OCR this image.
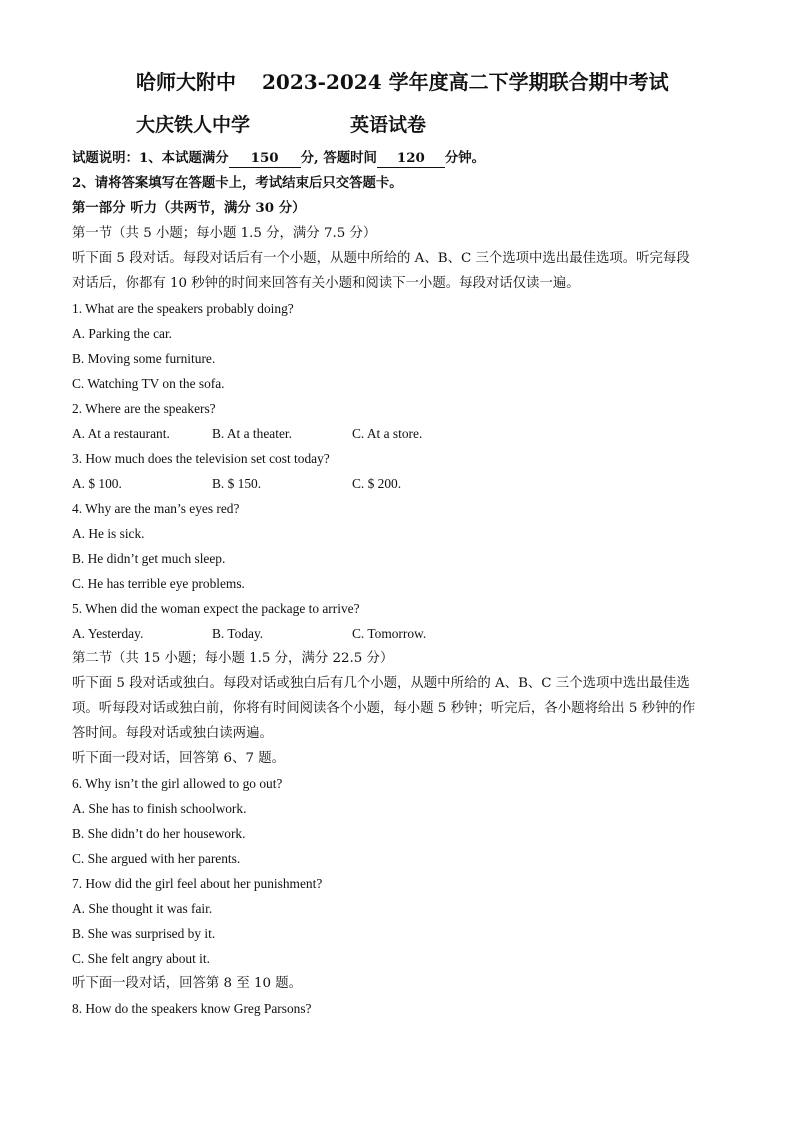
哈师大附中 2023-2024 学年度高二下学期联合期中考试
大庆铁人中学	英语试卷
试题说明：1、本试题满分 150 分, 答题时间 120 分钟。
2、请将答案填写在答题卡上，考试结束后只交答题卡。
第一部分 听力（共两节，满分 30 分）
第一节（共 5 小题；每小题 1.5 分，满分 7.5 分）
听下面 5 段对话。每段对话后有一个小题，从题中所给的 A、B、C 三个选项中选出最佳选项。听完每段
对话后，你都有 10 秒钟的时间来回答有关小题和阅读下一小题。每段对话仅读一遍。
1. What are the speakers probably doing?
A. Parking the car.
B. Moving some furniture.
C. Watching TV on the sofa.
2. Where are the speakers?
A. At a restaurant.	B. At a theater.	C. At a store.
3. How much does the television set cost today?
A. $ 100.	B. $ 150.	C. $ 200.
4. Why are the man’s eyes red?
A. He is sick.
B. He didn’t get much sleep.
C. He has terrible eye problems.
5. When did the woman expect the package to arrive?
A. Yesterday.	B. Today.	C. Tomorrow.
第二节（共 15 小题；每小题 1.5 分，满分 22.5 分）
听下面 5 段对话或独白。每段对话或独白后有几个小题，从题中所给的 A、B、C 三个选项中选出最佳选
项。听每段对话或独白前，你将有时间阅读各个小题，每小题 5 秒钟；听完后，各小题将给出 5 秒钟的作
答时间。每段对话或独白读两遍。
听下面一段对话，回答第 6、7 题。
6. Why isn’t the girl allowed to go out?
A. She has to finish schoolwork.
B. She didn’t do her housework.
C. She argued with her parents.
7. How did the girl feel about her punishment?
A. She thought it was fair.
B. She was surprised by it.
C. She felt angry about it.
听下面一段对话，回答第 8 至 10 题。
8. How do the speakers know Greg Parsons?
